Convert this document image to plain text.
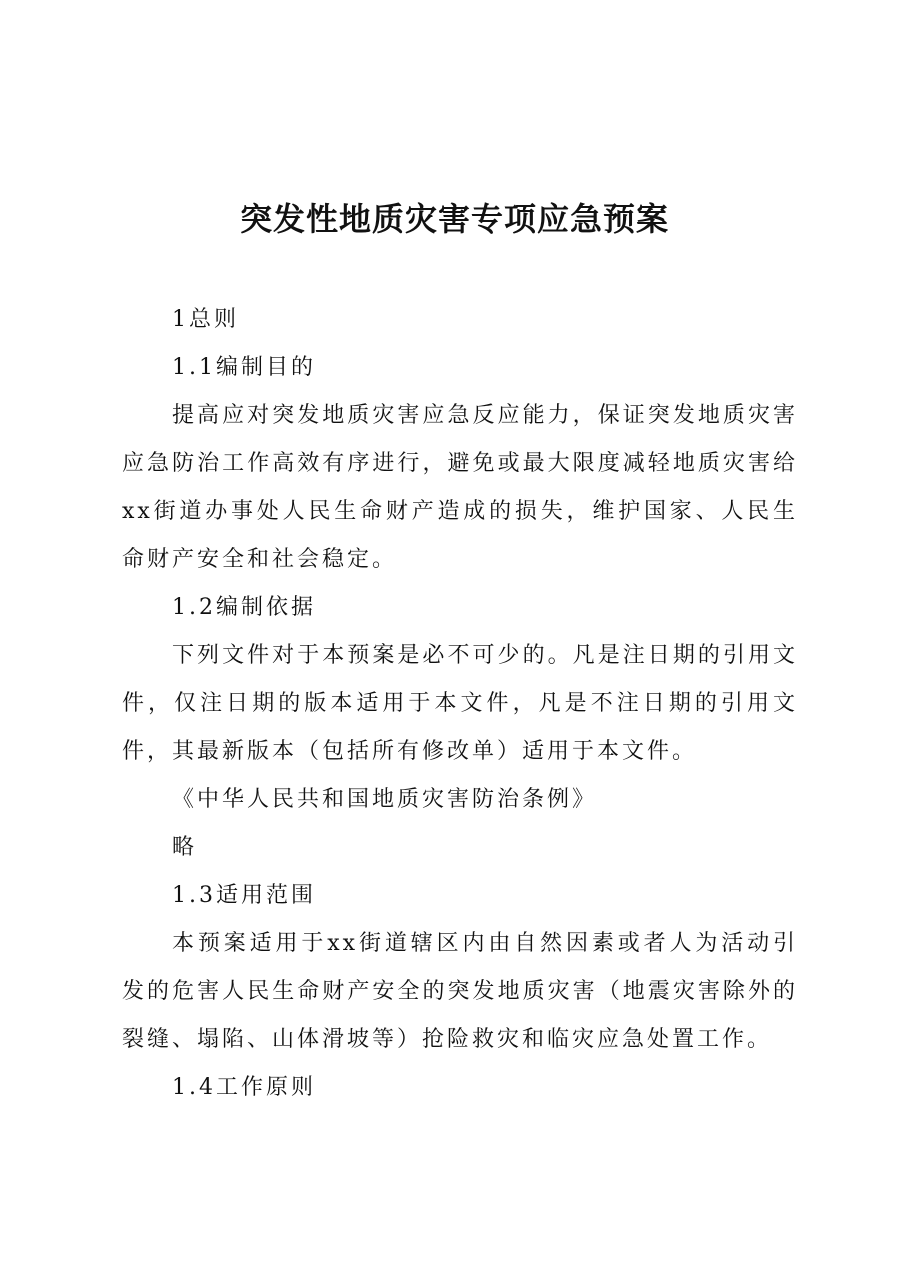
突发性地质灾害专项应急预案

1总则

1.1编制目的

提高应对突发地质灾害应急反应能力，保证突发地质灾害应急防治工作高效有序进行，避免或最大限度减轻地质灾害给xx街道办事处人民生命财产造成的损失，维护国家、人民生命财产安全和社会稳定。

1.2编制依据

下列文件对于本预案是必不可少的。凡是注日期的引用文件，仅注日期的版本适用于本文件，凡是不注日期的引用文件，其最新版本（包括所有修改单）适用于本文件。

《中华人民共和国地质灾害防治条例》

略

1.3适用范围

本预案适用于xx街道辖区内由自然因素或者人为活动引发的危害人民生命财产安全的突发地质灾害（地震灾害除外的裂缝、塌陷、山体滑坡等）抢险救灾和临灾应急处置工作。

1.4工作原则
